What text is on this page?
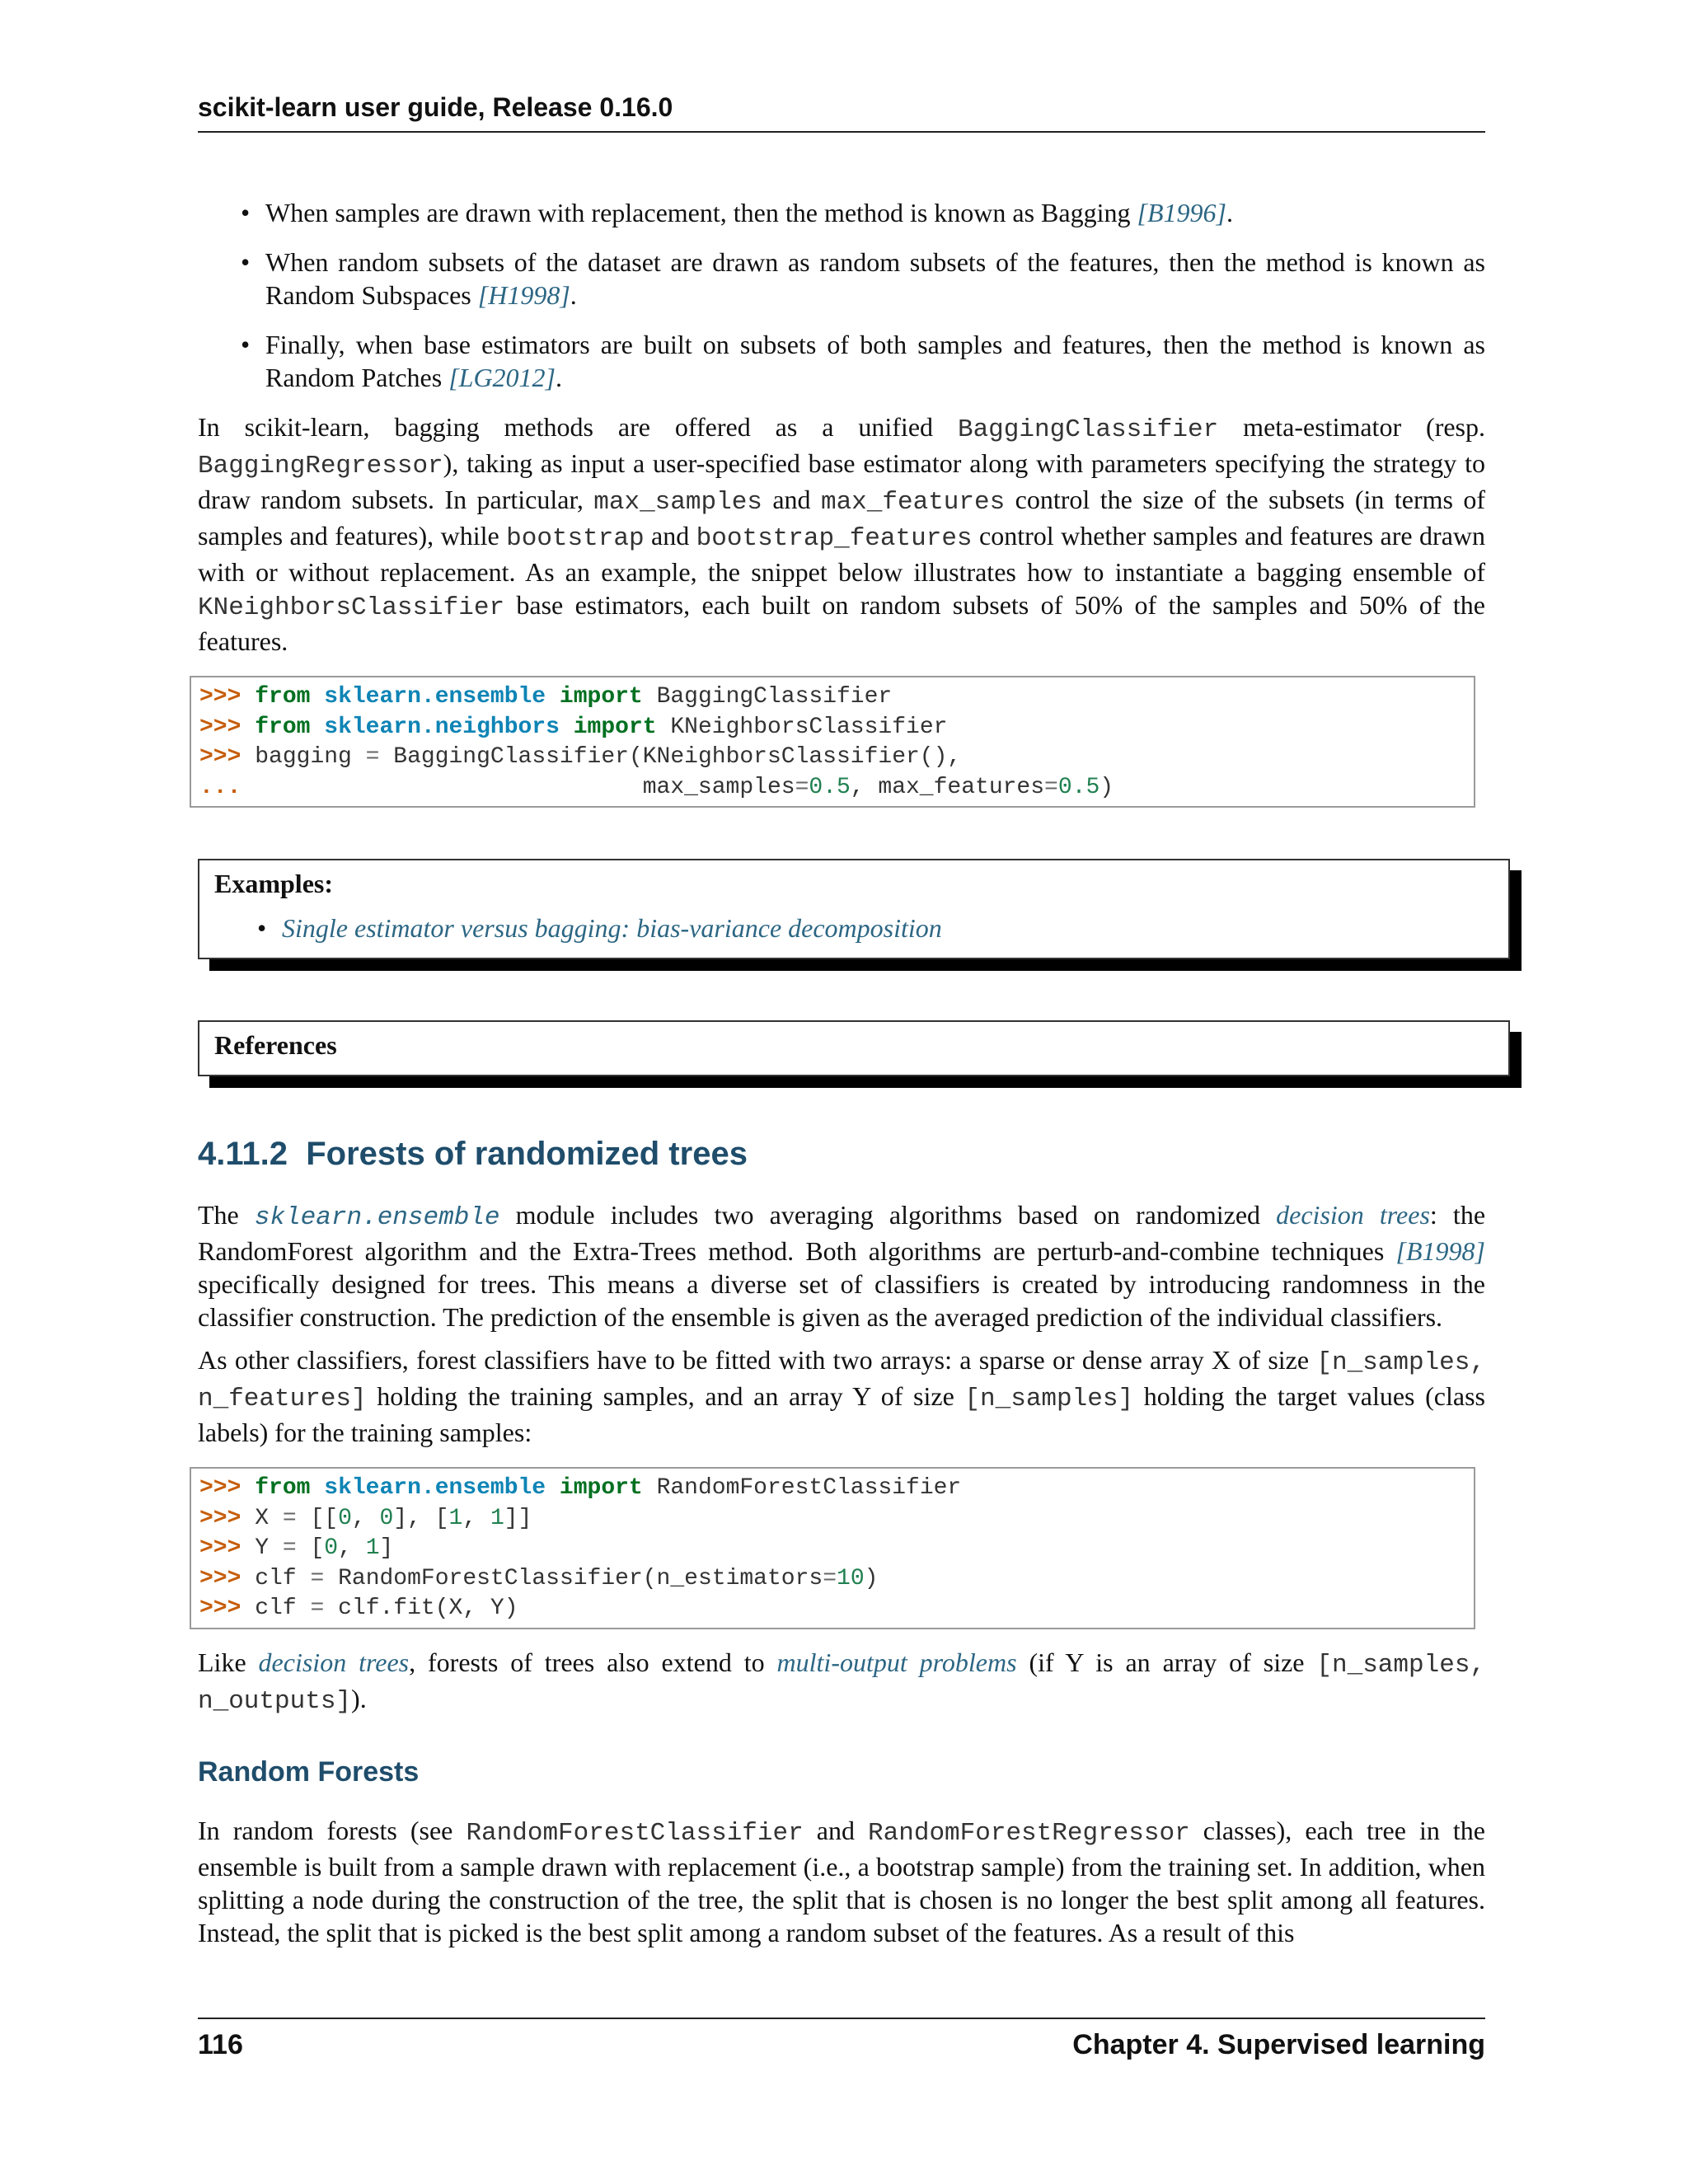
scikit-learn user guide, Release 0.16.0
• When samples are drawn with replacement, then the method is known as Bagging [B1996].
• When random subsets of the dataset are drawn as random subsets of the features, then the method is known as Random Subspaces [H1998].
• Finally, when base estimators are built on subsets of both samples and features, then the method is known as Random Patches [LG2012].

In scikit-learn, bagging methods are offered as a unified BaggingClassifier meta-estimator (resp. BaggingRegressor), taking as input a user-specified base estimator along with parameters specifying the strategy to draw random subsets. In particular, max_samples and max_features control the size of the subsets (in terms of samples and features), while bootstrap and bootstrap_features control whether samples and features are drawn with or without replacement. As an example, the snippet below illustrates how to instantiate a bagging ensemble of KNeighborsClassifier base estimators, each built on random subsets of 50% of the samples and 50% of the features.

>>> from sklearn.ensemble import BaggingClassifier
>>> from sklearn.neighbors import KNeighborsClassifier
>>> bagging = BaggingClassifier(KNeighborsClassifier(),
...	max_samples=0.5, max_features=0.5)
Examples:
• Single estimator versus bagging: bias-variance decomposition
References
4.11.2 Forests of randomized trees

The sklearn.ensemble module includes two averaging algorithms based on randomized decision trees: the RandomForest algorithm and the Extra-Trees method. Both algorithms are perturb-and-combine techniques [B1998] specifically designed for trees. This means a diverse set of classifiers is created by introducing randomness in the classifier construction. The prediction of the ensemble is given as the averaged prediction of the individual classifiers.

As other classifiers, forest classifiers have to be fitted with two arrays: a sparse or dense array X of size [n_samples, n_features] holding the training samples, and an array Y of size [n_samples] holding the target values (class labels) for the training samples:

>>> from sklearn.ensemble import RandomForestClassifier
>>> X = [[0, 0], [1, 1]]
>>> Y = [0, 1]
>>> clf = RandomForestClassifier(n_estimators=10)
>>> clf = clf.fit(X, Y)

Like decision trees, forests of trees also extend to multi-output problems (if Y is an array of size [n_samples, n_outputs]).

Random Forests

In random forests (see RandomForestClassifier and RandomForestRegressor classes), each tree in the ensemble is built from a sample drawn with replacement (i.e., a bootstrap sample) from the training set. In addition, when splitting a node during the construction of the tree, the split that is chosen is no longer the best split among all features. Instead, the split that is picked is the best split among a random subset of the features. As a result of this

116	Chapter 4. Supervised learning
